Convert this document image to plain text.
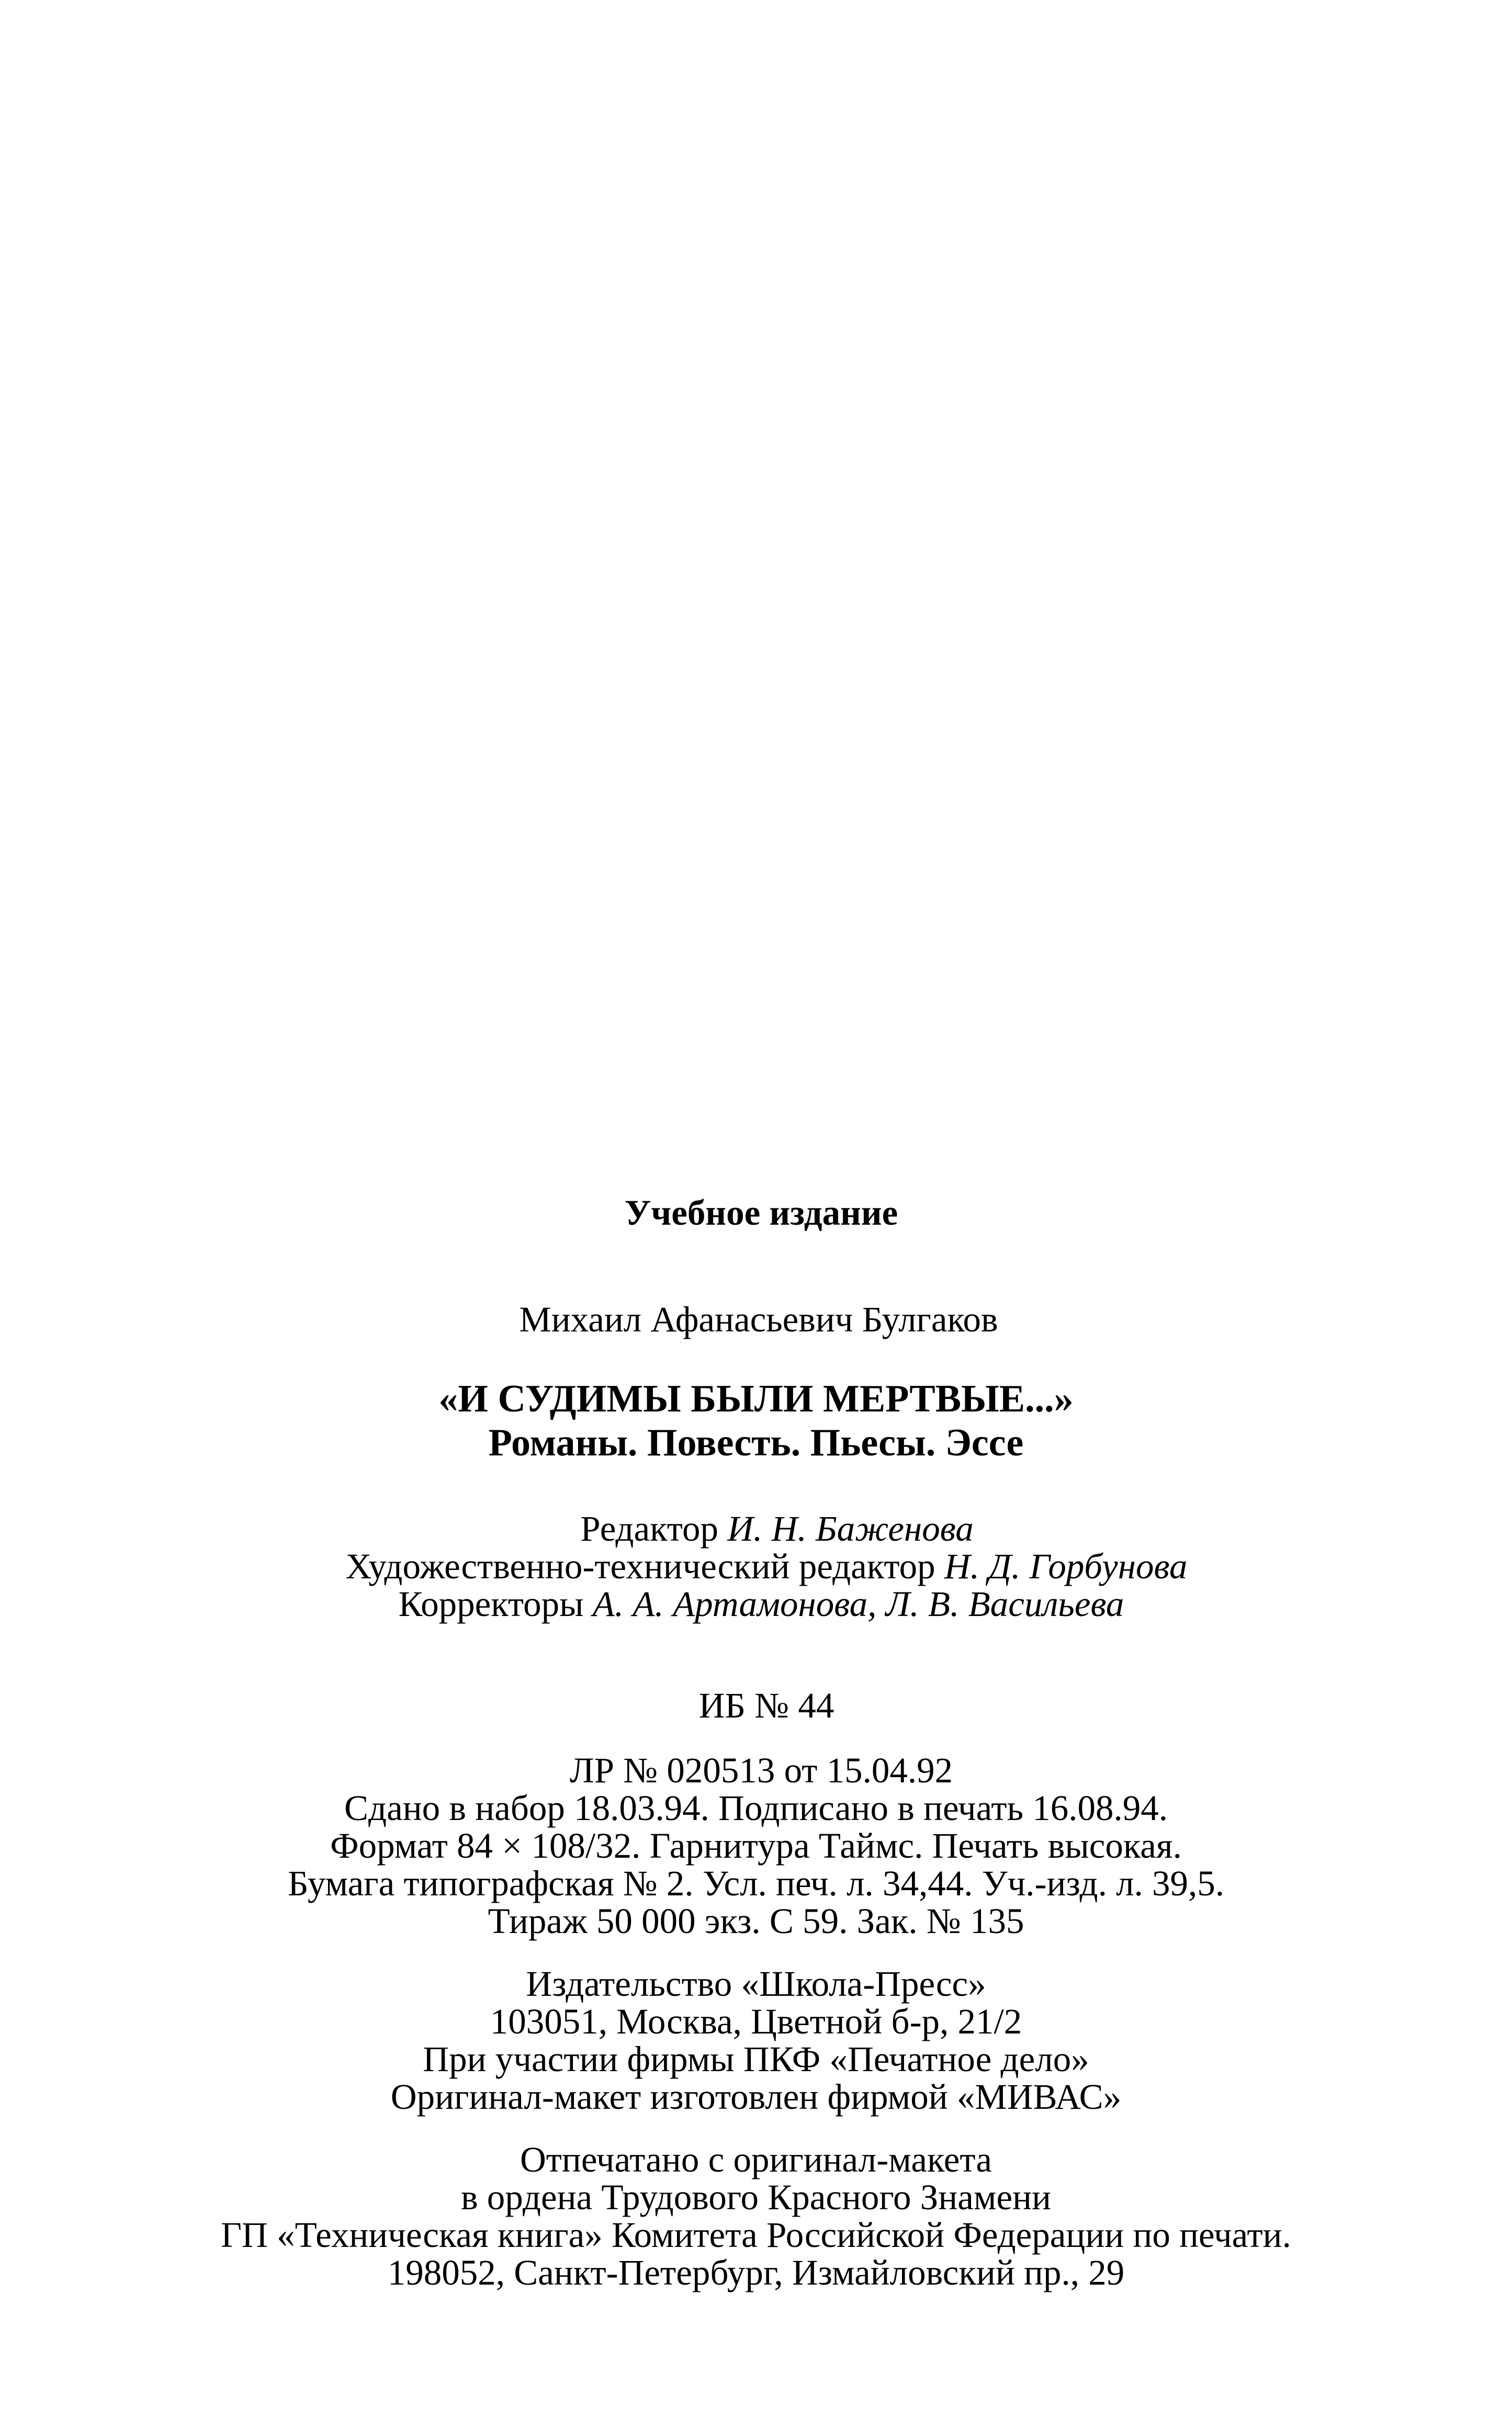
Учебное издание
Михаил Афанасьевич Булгаков
«И СУДИМЫ БЫЛИ МЕРТВЫЕ...»
Романы. Повесть. Пьесы. Эссе
Редактор И. Н. Баженова
Художественно-технический редактор Н. Д. Горбунова
Корректоры А. А. Артамонова, Л. В. Васильева
ИБ № 44
ЛР № 020513 от 15.04.92
Сдано в набор 18.03.94. Подписано в печать 16.08.94.
Формат 84 × 108/32. Гарнитура Таймс. Печать высокая.
Бумага типографская № 2. Усл. печ. л. 34,44. Уч.-изд. л. 39,5.
Тираж 50 000 экз. С 59. Зак. № 135
Издательство «Школа-Пресс»
103051, Москва, Цветной б-р, 21/2
При участии фирмы ПКФ «Печатное дело»
Оригинал-макет изготовлен фирмой «МИВАС»
Отпечатано с оригинал-макета
в ордена Трудового Красного Знамени
ГП «Техническая книга» Комитета Российской Федерации по печати.
198052, Санкт-Петербург, Измайловский пр., 29
